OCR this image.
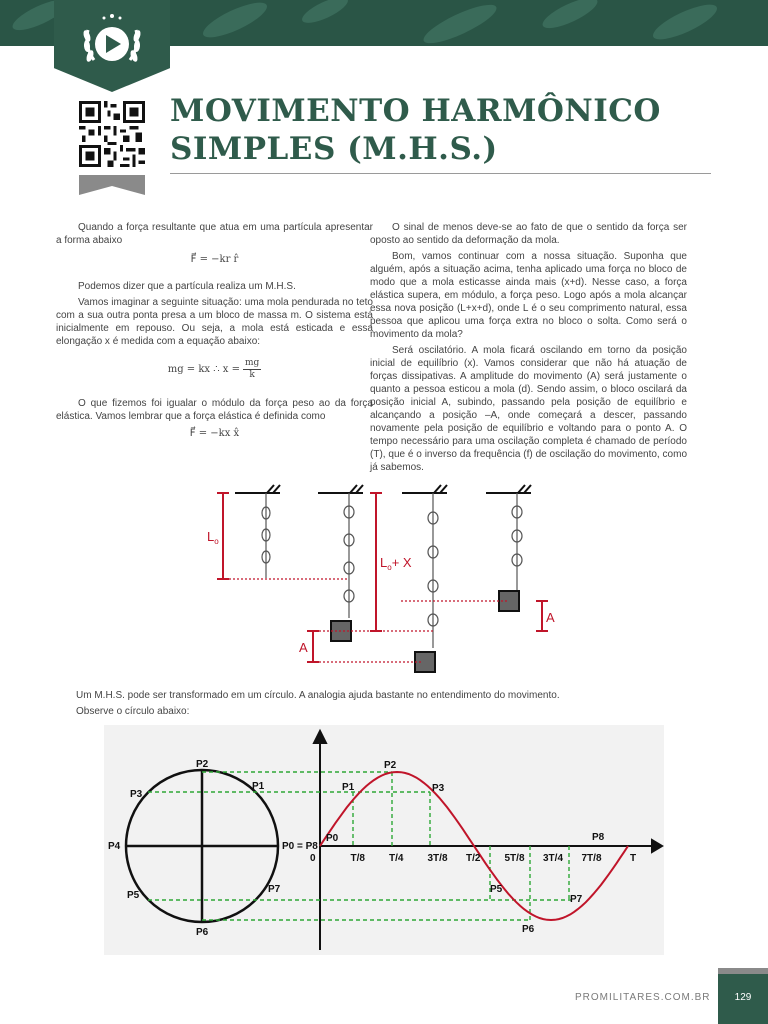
MOVIMENTO HARMÔNICO
SIMPLES (M.H.S.)

Quando a força resultante que atua em uma partícula apresentar a forma abaixo

F⃗ = −kr r̂

Podemos dizer que a partícula realiza um M.H.S.

Vamos imaginar a seguinte situação: uma mola pendurada no teto com a sua outra ponta presa a um bloco de massa m. O sistema está inicialmente em repouso. Ou seja, a mola está esticada e essa elongação x é medida com a equação abaixo:

mg = kx ∴ $x = \frac{mg}{k}$

O que fizemos foi igualar o módulo da força peso ao da força elástica. Vamos lembrar que a força elástica é definida como

F⃗ = −kx x̂

O sinal de menos deve-se ao fato de que o sentido da força ser oposto ao sentido da deformação da mola.

Bom, vamos continuar com a nossa situação. Suponha que alguém, após a situação acima, tenha aplicado uma força no bloco de modo que a mola esticasse ainda mais (x+d). Nesse caso, a força elástica supera, em módulo, a força peso. Logo após a mola alcançar essa nova posição (L+x+d), onde L é o seu comprimento natural, essa pessoa que aplicou uma força extra no bloco o solta. Como será o movimento da mola?

Será oscilatório. A mola ficará oscilando em torno da posição inicial de equilíbrio (x). Vamos considerar que não há atuação de forças dissipativas. A amplitude do movimento (A) será justamente o quanto a pessoa esticou a mola (d). Sendo assim, o bloco oscilará da posição inicial A, subindo, passando pela posição de equilíbrio e alcançando a posição –A, onde começará a descer, passando novamente pela posição de equilíbrio e voltando para o ponto A. O tempo necessário para uma oscilação completa é chamado de período (T), que é o inverso da frequência (f) de oscilação do movimento, como já sabemos.

$L_o$
$L_o+ X$
A
A
Um M.H.S. pode ser transformado em um círculo. A analogia ajuda bastante no entendimento do movimento.
Observe o círculo abaixo:
0	T/8 T/4 3T/8 T/2 5T/8 3T/4 7T/8	T
P2
P1
P3
P4	P0 = P8
P7
P5
P6
P0
P1
P2
P3
P5
P6
P7
P8
PROMILITARES.COM.BR	129
